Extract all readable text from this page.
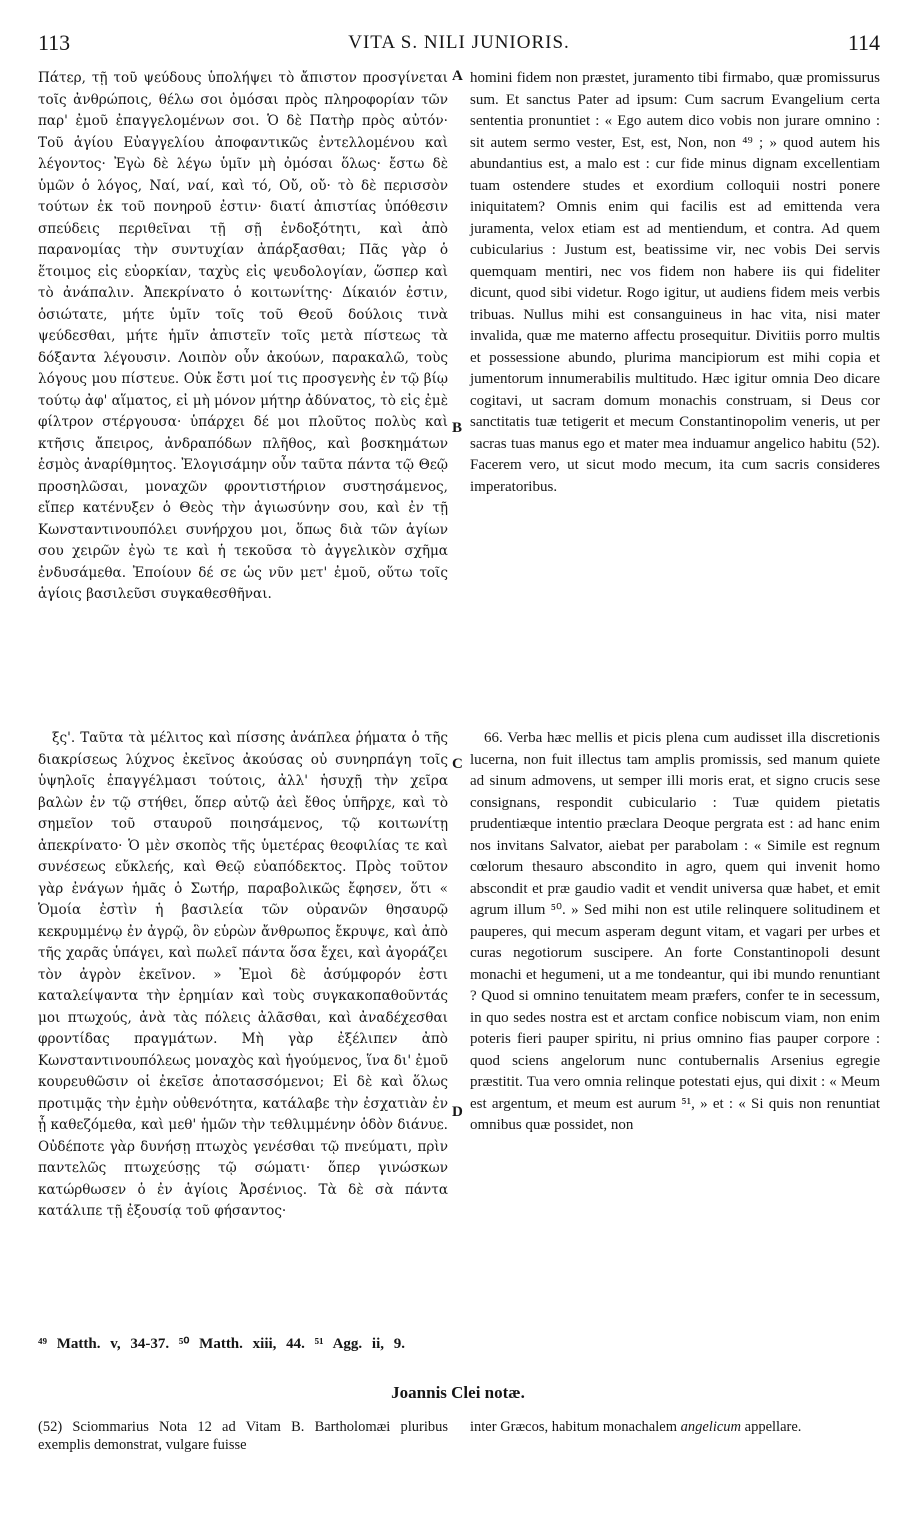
113	VITA S. NILI JUNIORIS.	114

Πάτερ, τῇ τοῦ ψεύδους ὑπολήψει τὸ ἄπιστον προσγίνεται τοῖς ἀνθρώποις, θέλω σοι ὀμόσαι πρὸς πληροφορίαν τῶν παρ' ἐμοῦ ἐπαγγελομένων σοι. Ὁ δὲ Πατὴρ πρὸς αὐτόν· Τοῦ ἁγίου Εὐαγγελίου ἀποφαντικῶς ἐντελλομένου καὶ λέγοντος· Ἐγὼ δὲ λέγω ὑμῖν μὴ ὀμόσαι ὅλως· ἔστω δὲ ὑμῶν ὁ λόγος, Ναί, ναί, καὶ τό, Οὔ, οὔ· τὸ δὲ περισσὸν τούτων ἐκ τοῦ πονηροῦ ἐστιν· διατί ἀπιστίας ὑπόθεσιν σπεύδεις περιθεῖναι τῇ σῇ ἐνδοξότητι, καὶ ἀπὸ παρανομίας τὴν συντυχίαν ἀπάρξασθαι; Πᾶς γὰρ ὁ ἕτοιμος εἰς εὐορκίαν, ταχὺς εἰς ψευδολογίαν, ὥσπερ καὶ τὸ ἀνάπαλιν. Ἀπεκρίνατο ὁ κοιτωνίτης· Δίκαιόν ἐστιν, ὁσιώτατε, μήτε ὑμῖν τοῖς τοῦ Θεοῦ δούλοις τινὰ ψεύδεσθαι, μήτε ἡμῖν ἀπιστεῖν τοῖς μετὰ πίστεως τὰ δόξαντα λέγουσιν. Λοιπὸν οὖν ἀκούων, παρακαλῶ, τοὺς λόγους μου πίστευε. Οὐκ ἔστι μοί τις προσγενὴς ἐν τῷ βίῳ τούτῳ ἀφ' αἵματος, εἰ μὴ μόνον μήτηρ ἀδύνατος, τὸ εἰς ἐμὲ φίλτρον στέργουσα· ὑπάρχει δέ μοι πλοῦτος πολὺς καὶ κτῆσις ἄπειρος, ἀνδραπόδων πλῆθος, καὶ βοσκημάτων ἑσμὸς ἀναρίθμητος. Ἐλογισάμην οὖν ταῦτα πάντα τῷ Θεῷ προσηλῶσαι, μοναχῶν φροντιστήριον συστησάμενος, εἴπερ κατένυξεν ὁ Θεὸς τὴν ἁγιωσύνην σου, καὶ ἐν τῇ Κωνσταντινουπόλει συνήρχου μοι, ὅπως διὰ τῶν ἁγίων σου χειρῶν ἐγὼ τε καὶ ἡ τεκοῦσα τὸ ἀγγελικὸν σχῆμα ἐνδυσάμεθα. Ἐποίουν δέ σε ὡς νῦν μετ' ἐμοῦ, οὕτω τοῖς ἁγίοις βασιλεῦσι συγκαθεσθῆναι.

homini fidem non præstet, juramento tibi firmabo, quæ promissurus sum. Et sanctus Pater ad ipsum: Cum sacrum Evangelium certa sententia pronuntiet : « Ego autem dico vobis non jurare omnino : sit autem sermo vester, Est, est, Non, non ⁴⁹ ; » quod autem his abundantius est, a malo est : cur fide minus dignam excellentiam tuam ostendere studes et exordium colloquii nostri ponere iniquitatem? Omnis enim qui facilis est ad emittenda vera juramenta, velox etiam est ad mentiendum, et contra. Ad quem cubicularius : Justum est, beatissime vir, nec vobis Dei servis quemquam mentiri, nec vos fidem non habere iis qui fideliter dicunt, quod sibi videtur. Rogo igitur, ut audiens fidem meis verbis tribuas. Nullus mihi est consanguineus in hac vita, nisi mater invalida, quæ me materno affectu prosequitur. Divitiis porro multis et possessione abundo, plurima mancipiorum est mihi copia et jumentorum innumerabilis multitudo. Hæc igitur omnia Deo dicare cogitavi, ut sacram domum monachis construam, si Deus cor sanctitatis tuæ tetigerit et mecum Constantinopolim veneris, ut per sacras tuas manus ego et mater mea induamur angelico habitu (52). Facerem vero, ut sicut modo mecum, ita cum sacris consideres imperatoribus.

ξς'. Ταῦτα τὰ μέλιτος καὶ πίσσης ἀνάπλεα ῥήματα ὁ τῆς διακρίσεως λύχνος ἐκεῖνος ἀκούσας οὐ συνηρπάγη τοῖς ὑψηλοῖς ἐπαγγέλμασι τούτοις, ἀλλ' ἡσυχῇ τὴν χεῖρα βαλὼν ἐν τῷ στήθει, ὅπερ αὐτῷ ἀεὶ ἔθος ὑπῆρχε, καὶ τὸ σημεῖον τοῦ σταυροῦ ποιησάμενος, τῷ κοιτωνίτῃ ἀπεκρίνατο· Ὁ μὲν σκοπὸς τῆς ὑμετέρας θεοφιλίας τε καὶ συνέσεως εὔκλεής, καὶ Θεῷ εὐαπόδεκτος. Πρὸς τοῦτον γὰρ ἐνάγων ἡμᾶς ὁ Σωτήρ, παραβολικῶς ἔφησεν, ὅτι « Ὁμοία ἐστὶν ἡ βασιλεία τῶν οὐρανῶν θησαυρῷ κεκρυμμένῳ ἐν ἀγρῷ, ὃν εὑρὼν ἄνθρωπος ἔκρυψε, καὶ ἀπὸ τῆς χαρᾶς ὑπάγει, καὶ πωλεῖ πάντα ὅσα ἔχει, καὶ ἀγοράζει τὸν ἀγρὸν ἐκεῖνον. » Ἐμοὶ δὲ ἀσύμφορόν ἐστι καταλείψαντα τὴν ἐρημίαν καὶ τοὺς συγκακοπαθοῦντάς μοι πτωχούς, ἀνὰ τὰς πόλεις ἀλᾶσθαι, καὶ ἀναδέχεσθαι φροντίδας πραγμάτων. Μὴ γὰρ ἐξέλιπεν ἀπὸ Κωνσταντινουπόλεως μοναχὸς καὶ ἡγούμενος, ἵνα δι' ἐμοῦ κουρευθῶσιν οἱ ἐκεῖσε ἀποτασσόμενοι; Εἰ δὲ καὶ ὅλως προτιμᾷς τὴν ἐμὴν οὐθενότητα, κατάλαβε τὴν ἐσχατιὰν ἐν ᾗ καθεζόμεθα, καὶ μεθ' ἡμῶν τὴν τεθλιμμένην ὁδὸν διάνυε. Οὐδέποτε γὰρ δυνήσῃ πτωχὸς γενέσθαι τῷ πνεύματι, πρὶν παντελῶς πτωχεύσῃς τῷ σώματι· ὅπερ γινώσκων κατώρθωσεν ὁ ἐν ἁγίοις Ἀρσένιος. Τὰ δὲ σὰ πάντα κατάλιπε τῇ ἐξουσίᾳ τοῦ φήσαντος·

66. Verba hæc mellis et picis plena cum audisset illa discretionis lucerna, non fuit illectus tam amplis promissis, sed manum quiete ad sinum admovens, ut semper illi moris erat, et signo crucis sese consignans, respondit cubiculario : Tuæ quidem pietatis prudentiæque intentio præclara Deoque pergrata est : ad hanc enim nos invitans Salvator, aiebat per parabolam : « Simile est regnum cœlorum thesauro abscondito in agro, quem qui invenit homo abscondit et præ gaudio vadit et vendit universa quæ habet, et emit agrum illum ⁵⁰. » Sed mihi non est utile relinquere solitudinem et pauperes, qui mecum asperam degunt vitam, et vagari per urbes et curas negotiorum suscipere. An forte Constantinopoli desunt monachi et hegumeni, ut a me tondeantur, qui ibi mundo renuntiant ? Quod si omnino tenuitatem meam præfers, confer te in secessum, in quo sedes nostra est et arctam confice nobiscum viam, non enim poteris fieri pauper spiritu, ni prius omnino fias pauper corpore : quod sciens angelorum nunc contubernalis Arsenius egregie præstitit. Tua vero omnia relinque potestati ejus, qui dixit : « Meum est argentum, et meum est aurum ⁵¹, » et : « Si quis non renuntiat omnibus quæ possidet, non

A
B
C
D
⁴⁹ Matth. v, 34-37. ⁵⁰ Matth. xiii, 44. ⁵¹ Agg. ii, 9.
Joannis Clei notæ.
(52) Sciommarius Nota 12 ad Vitam B. Bartholomæi pluribus exemplis demonstrat, vulgare fuisse
inter Græcos, habitum monachalem angelicum appellare.
